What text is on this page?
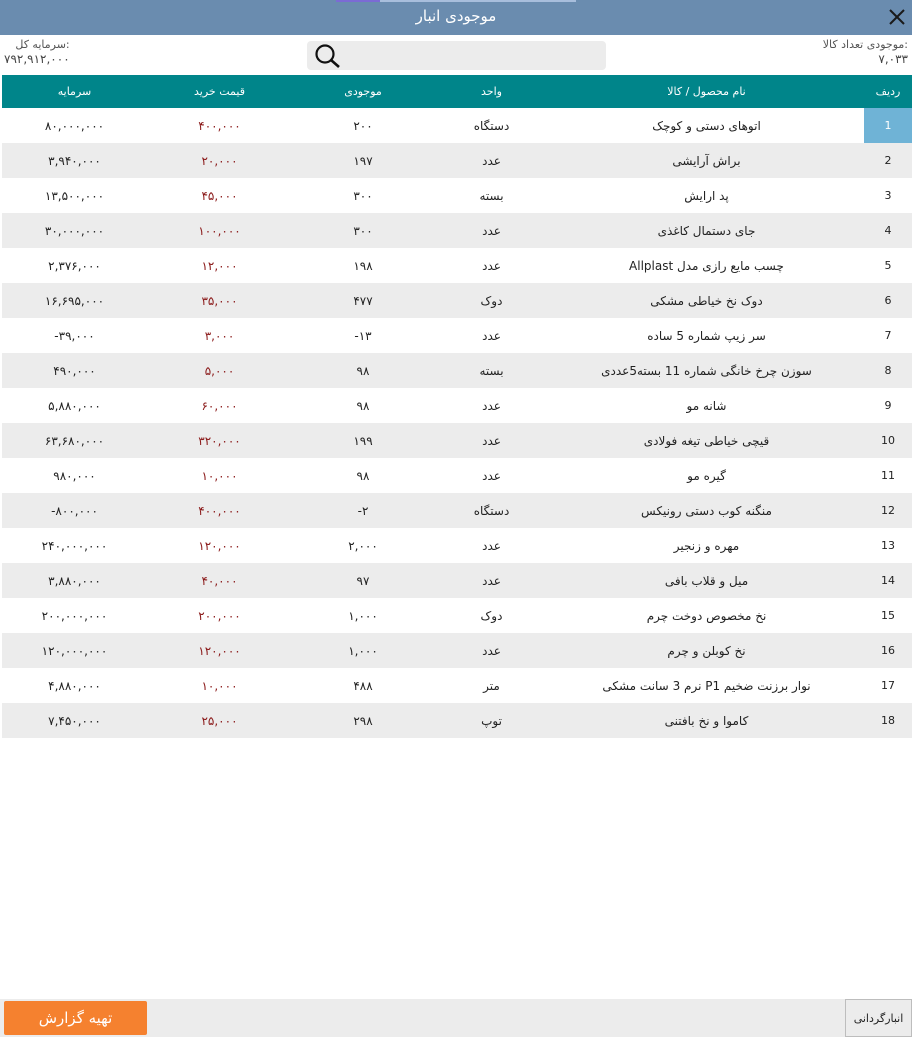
موجودی انبار
موجودی تعداد کالا:
۷,۰۳۳
سرمایه کل:
۷۹۲,۹۱۲,۰۰۰
ردیف	نام محصول / کالا	واحد	موجودی	قیمت خرید	سرمایه
1	اتوهای دستی و کوچک	دستگاه	۲۰۰	۴۰۰,۰۰۰	۸۰,۰۰۰,۰۰۰
2	براش آرایشی	عدد	۱۹۷	۲۰,۰۰۰	۳,۹۴۰,۰۰۰
3	پد ارایش	بسته	۳۰۰	۴۵,۰۰۰	۱۳,۵۰۰,۰۰۰
4	جای دستمال کاغذی	عدد	۳۰۰	۱۰۰,۰۰۰	۳۰,۰۰۰,۰۰۰
5	چسب مایع رازی مدل Allplast	عدد	۱۹۸	۱۲,۰۰۰	۲,۳۷۶,۰۰۰
6	دوک نخ خیاطی مشکی	دوک	۴۷۷	۳۵,۰۰۰	۱۶,۶۹۵,۰۰۰
7	سر زیپ شماره 5 ساده	عدد	۱۳-	۳,۰۰۰	۳۹,۰۰۰-
8	سوزن چرخ خانگی شماره 11 بسته5عددی	بسته	۹۸	۵,۰۰۰	۴۹۰,۰۰۰
9	شانه مو	عدد	۹۸	۶۰,۰۰۰	۵,۸۸۰,۰۰۰
10	قیچی خیاطی تیغه فولادی	عدد	۱۹۹	۳۲۰,۰۰۰	۶۳,۶۸۰,۰۰۰
11	گیره مو	عدد	۹۸	۱۰,۰۰۰	۹۸۰,۰۰۰
12	منگنه کوب دستی رونیکس	دستگاه	۲-	۴۰۰,۰۰۰	۸۰۰,۰۰۰-
13	مهره و زنجیر	عدد	۲,۰۰۰	۱۲۰,۰۰۰	۲۴۰,۰۰۰,۰۰۰
14	میل و قلاب بافی	عدد	۹۷	۴۰,۰۰۰	۳,۸۸۰,۰۰۰
15	نخ مخصوص دوخت چرم	دوک	۱,۰۰۰	۲۰۰,۰۰۰	۲۰۰,۰۰۰,۰۰۰
16	نخ کوبلن و چرم	عدد	۱,۰۰۰	۱۲۰,۰۰۰	۱۲۰,۰۰۰,۰۰۰
17	نوار برزنت ضخیم P1 نرم 3 سانت مشکی	متر	۴۸۸	۱۰,۰۰۰	۴,۸۸۰,۰۰۰
18	کاموا و نخ بافتنی	توپ	۲۹۸	۲۵,۰۰۰	۷,۴۵۰,۰۰۰
تهیه گزارش	انبارگردانی
